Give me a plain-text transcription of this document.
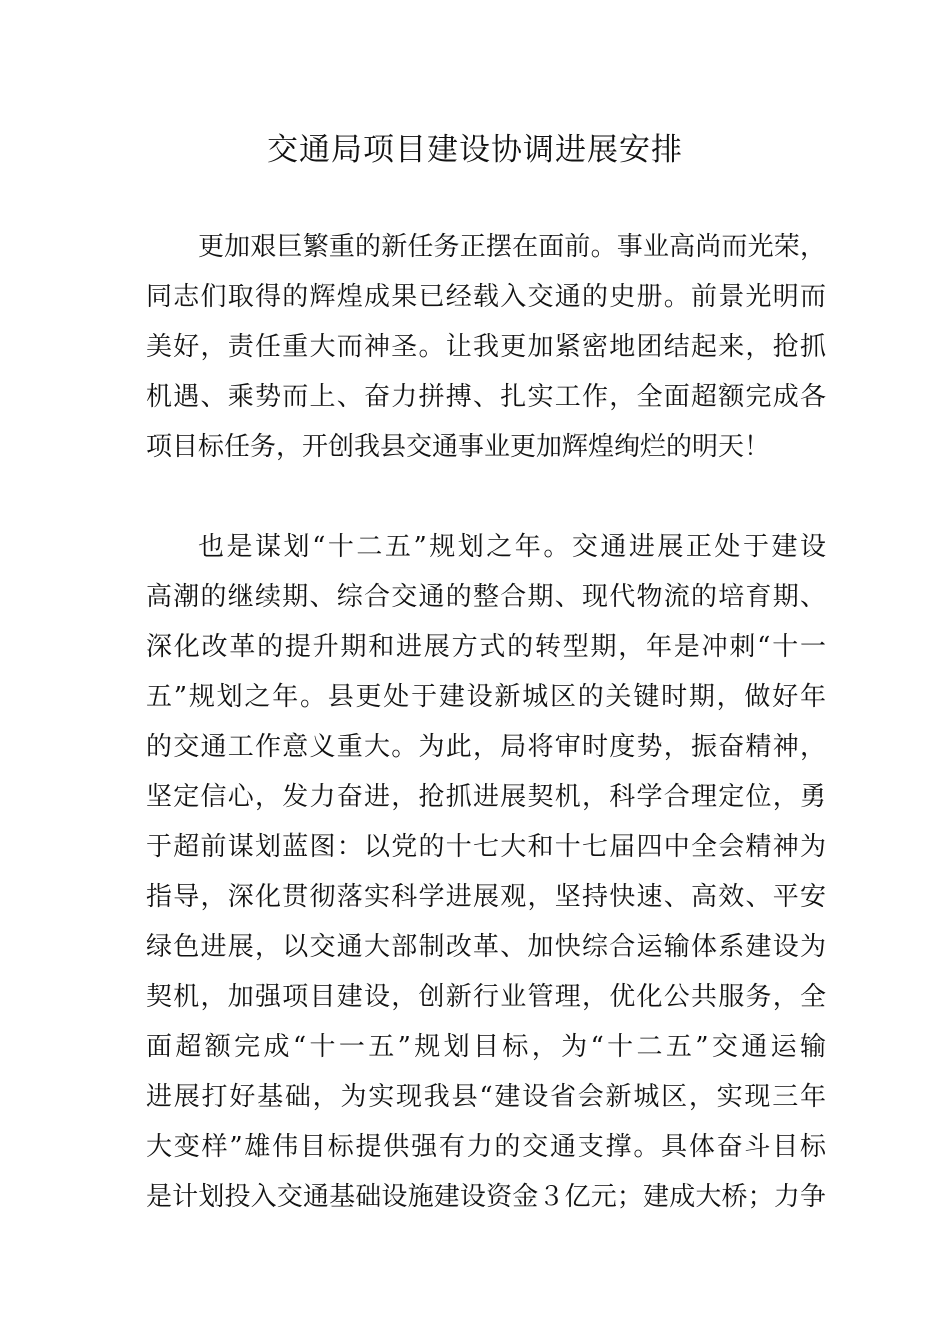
交通局项目建设协调进展安排
更加艰巨繁重的新任务正摆在面前。事业高尚而光荣，
同志们取得的辉煌成果已经载入交通的史册。前景光明而
美好，责任重大而神圣。让我更加紧密地团结起来，抢抓
机遇、乘势而上、奋力拼搏、扎实工作，全面超额完成各
项目标任务，开创我县交通事业更加辉煌绚烂的明天！
也是谋划“十二五”规划之年。交通进展正处于建设
高潮的继续期、综合交通的整合期、现代物流的培育期、
深化改革的提升期和进展方式的转型期，年是冲刺“十一
五”规划之年。县更处于建设新城区的关键时期，做好年
的交通工作意义重大。为此，局将审时度势，振奋精神，
坚定信心，发力奋进，抢抓进展契机，科学合理定位，勇
于超前谋划蓝图：以党的十七大和十七届四中全会精神为
指导，深化贯彻落实科学进展观，坚持快速、高效、平安
绿色进展，以交通大部制改革、加快综合运输体系建设为
契机，加强项目建设，创新行业管理，优化公共服务，全
面超额完成“十一五”规划目标，为“十二五”交通运输
进展打好基础，为实现我县“建设省会新城区，实现三年
大变样”雄伟目标提供强有力的交通支撑。具体奋斗目标
是计划投入交通基础设施建设资金３亿元；建成大桥；力争
